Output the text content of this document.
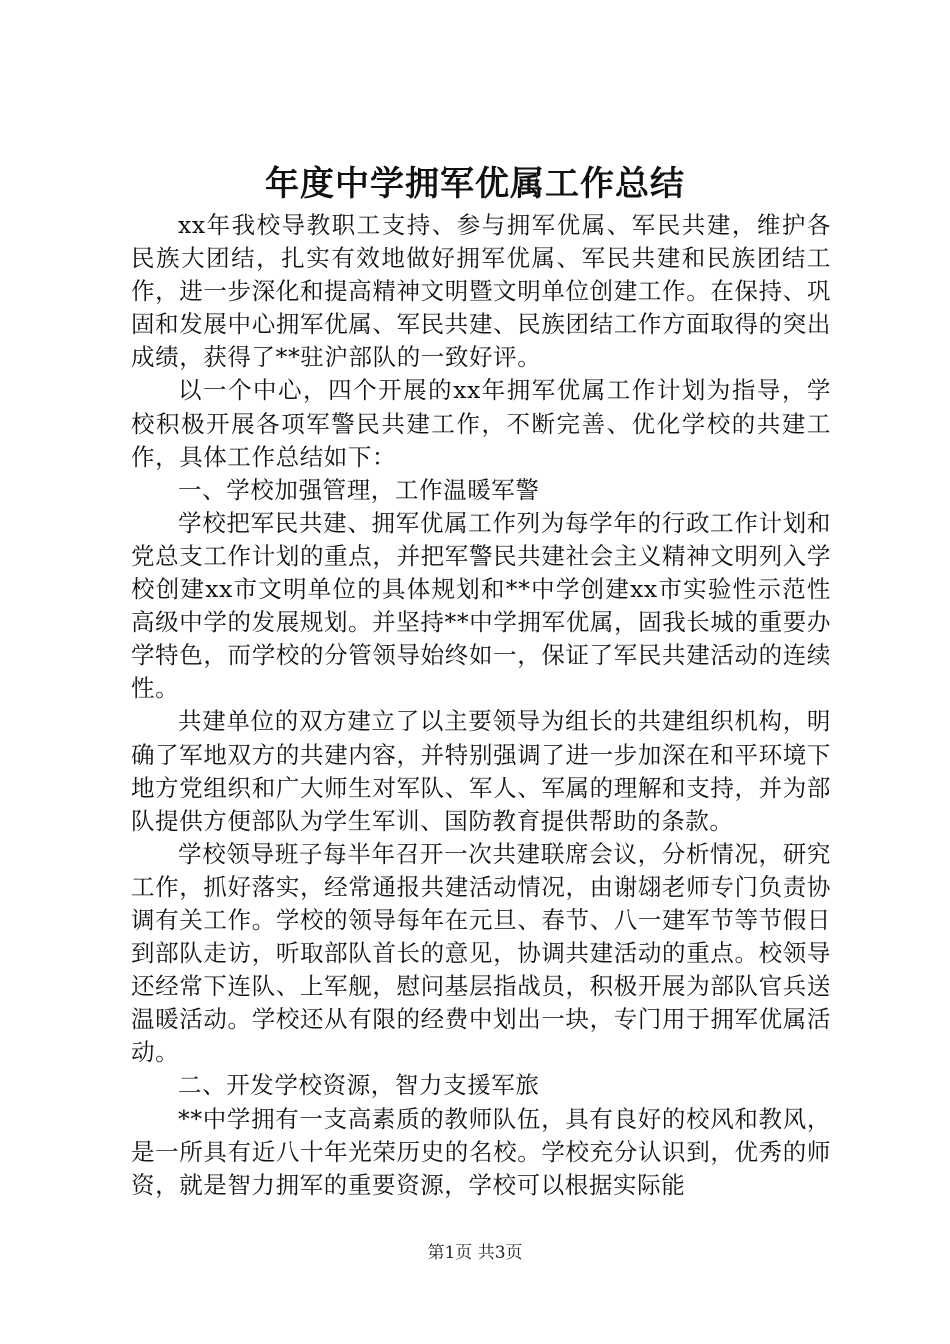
年度中学拥军优属工作总结

xx年我校导教职工支持、参与拥军优属、军民共建，维护各民族大团结，扎实有效地做好拥军优属、军民共建和民族团结工作，进一步深化和提高精神文明暨文明单位创建工作。在保持、巩固和发展中心拥军优属、军民共建、民族团结工作方面取得的突出成绩，获得了**驻沪部队的一致好评。

以一个中心，四个开展的xx年拥军优属工作计划为指导，学校积极开展各项军警民共建工作，不断完善、优化学校的共建工作，具体工作总结如下：

一、学校加强管理，工作温暖军警

学校把军民共建、拥军优属工作列为每学年的行政工作计划和党总支工作计划的重点，并把军警民共建社会主义精神文明列入学校创建xx市文明单位的具体规划和**中学创建xx市实验性示范性高级中学的发展规划。并坚持**中学拥军优属，固我长城的重要办学特色，而学校的分管领导始终如一，保证了军民共建活动的连续性。

共建单位的双方建立了以主要领导为组长的共建组织机构，明确了军地双方的共建内容，并特别强调了进一步加深在和平环境下地方党组织和广大师生对军队、军人、军属的理解和支持，并为部队提供方便部队为学生军训、国防教育提供帮助的条款。

学校领导班子每半年召开一次共建联席会议，分析情况，研究工作，抓好落实，经常通报共建活动情况，由谢翃老师专门负责协调有关工作。学校的领导每年在元旦、春节、八一建军节等节假日到部队走访，听取部队首长的意见，协调共建活动的重点。校领导还经常下连队、上军舰，慰问基层指战员，积极开展为部队官兵送温暖活动。学校还从有限的经费中划出一块，专门用于拥军优属活动。

二、开发学校资源，智力支援军旅

**中学拥有一支高素质的教师队伍，具有良好的校风和教风，是一所具有近八十年光荣历史的名校。学校充分认识到，优秀的师资，就是智力拥军的重要资源，学校可以根据实际能

第1页 共3页
